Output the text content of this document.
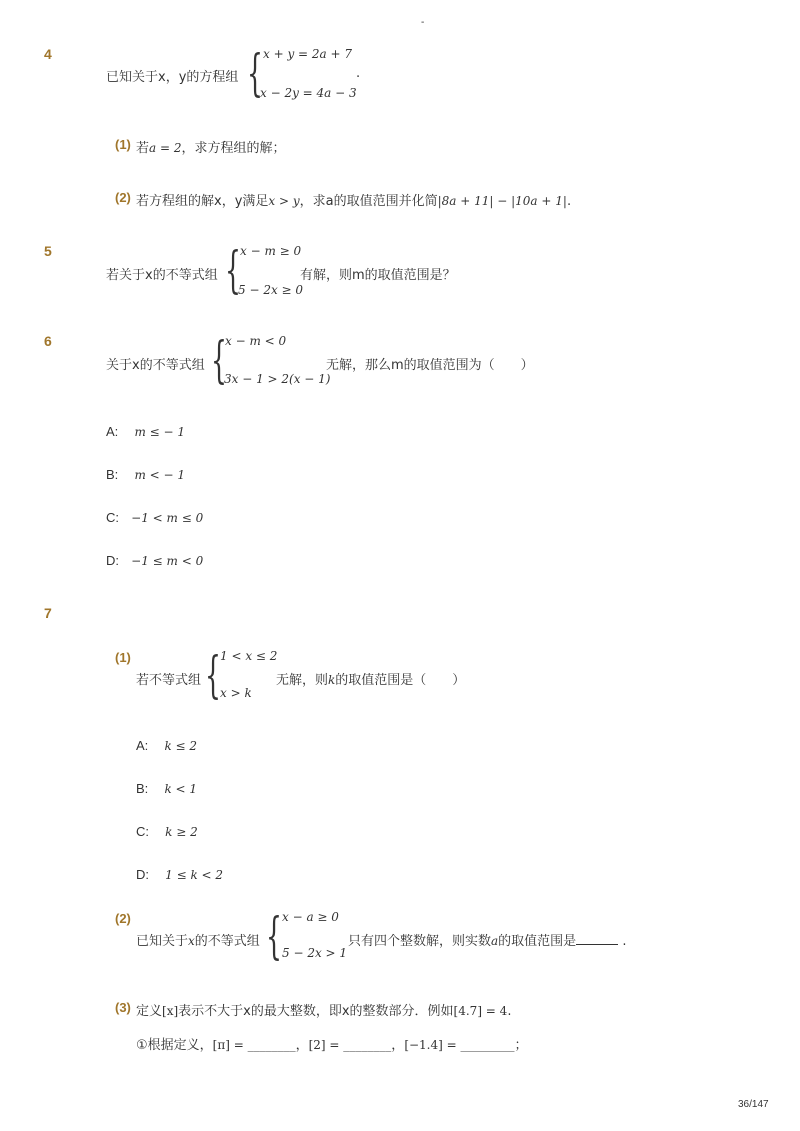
-
4
已知关于x，y的方程组 { x + y = 2a + 7
x − 2y = 4a − 3
.
(1) 若a = 2，求方程组的解；
(2) 若方程组的解x，y满足x > y，求a的取值范围并化简|8a + 11| − |10a + 1|.
5
若关于x的不等式组 { x − m ≥ 0
5 − 2x ≥ 0
有解，则m的取值范围是？
6
关于x的不等式组 {
x − m < 0
3x − 1 > 2(x − 1)
无解，那么m的取值范围为（　　）
A: m ≤ − 1
B: m < − 1
C: −1 < m ≤ 0
D: −1 ≤ m < 0
7
(1)
若不等式组 { 1 < x ≤ 2
x > k
无解，则k的取值范围是（　　）
A: k ≤ 2
B: k < 1
C: k ≥ 2
D: 1 ≤ k < 2
(2)
已知关于x的不等式组 { x − a ≥ 0
5 − 2x > 1
只有四个整数解，则实数a的取值范围是	.
(3) 定义[x]表示不大于x的最大整数，即x的整数部分．例如[4.7] = 4.
①根据定义，[π] = ________，[2] = ________，[−1.4] = _________；
36/147
